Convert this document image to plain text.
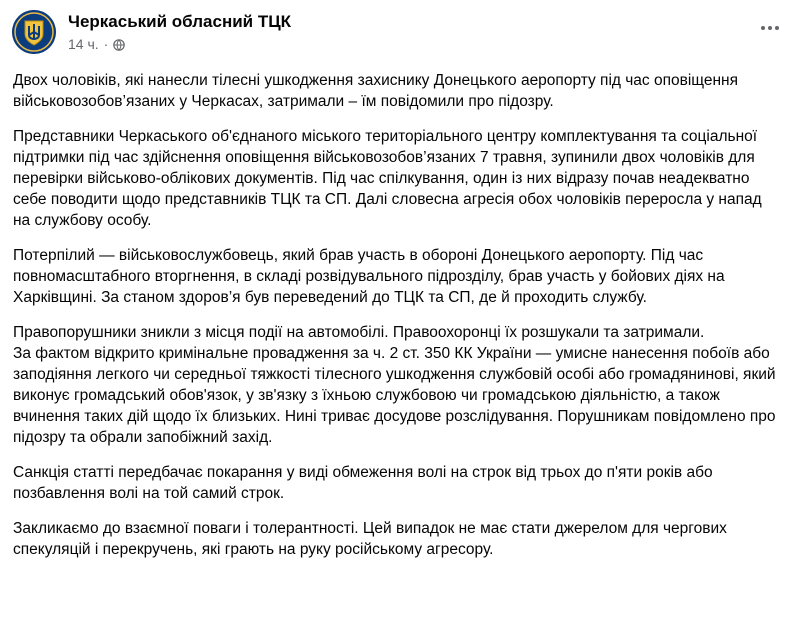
Черкаський обласний ТЦК
14 ч. ·

Двох чоловіків, які нанесли тілесні ушкодження захиснику Донецького аеропорту під час оповіщення військовозобов’язаних у Черкасах, затримали – їм повідомили про підозру.

Представники Черкаського об'єднаного міського територіального центру комплектування та соціальної підтримки під час здійснення оповіщення військовозобов’язаних 7 травня, зупинили двох чоловіків для перевірки військово-облікових документів. Під час спілкування, один із них відразу почав неадекватно себе поводити щодо представників ТЦК та СП. Далі словесна агресія обох чоловіків переросла у напад на службову особу.

Потерпілий — військовослужбовець, який брав участь в обороні Донецького аеропорту. Під час повномасштабного вторгнення, в складі розвідувального підрозділу, брав участь у бойових діях на Харківщині. За станом здоров’я був переведений до ТЦК та СП, де й проходить службу.

Правопорушники зникли з місця події на автомобілі. Правоохоронці їх розшукали та затримали.
За фактом відкрито кримінальне провадження за ч. 2 ст. 350 КК України — умисне нанесення побоїв або заподіяння легкого чи середньої тяжкості тілесного ушкодження службовій особі або громадянинові, який виконує громадський обов'язок, у зв'язку з їхньою службовою чи громадською діяльністю, а також вчинення таких дій щодо їх близьких. Нині триває досудове розслідування. Порушникам повідомлено про підозру та обрали запобіжний захід.

Санкція статті передбачає покарання у виді обмеження волі на строк від трьох до п'яти років або позбавлення волі на той самий строк.

Закликаємо до взаємної поваги і толерантності. Цей випадок не має стати джерелом для чергових спекуляцій і перекручень, які грають на руку російському агресору.
